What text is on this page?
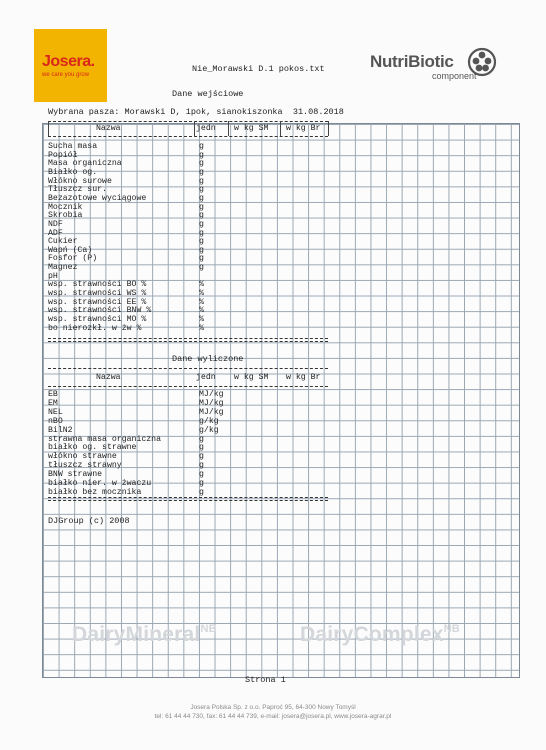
Josera.
we care you grow
NutriBiotic
component
Nie_Morawski D.1 pokos.txt
Dane wejściowe
Wybrana pasza: Morawski D, 1pok, sianokiszonka  31.08.2018
Nazwa	jedn w kg SM w kg Br
Sucha masa	g
Popiół	g
Masa organiczna	g
Białko og.	g
Włókno surowe	g
Tłuszcz sur.	g
Bezazotowe wyciągowe	g
Mocznik	g
Skrobia	g
NDF	g
ADF	g
Cukier	g
Wapń (Ca)	g
Fosfor (P)	g
Magnez	g
pH
wsp. strawności BO %	%
wsp. strawności WS %	%
wsp. strawności EE %	%
wsp. strawności BNW %	%
wsp. strawności MO %	%
bo nierozkł. w żw %	%
Dane wyliczone
Nazwa	jedn w kg SM w kg Br
EB	MJ/kg
EM	MJ/kg
NEL	MJ/kg
nBO	g/kg
BilN2	g/kg
strawna masa organiczna	g
białko og. strawne	g
włókno strawne	g
tłuszcz strawny	g
BNW strawne	g
białko nier. w żwaczu	g
białko bez mocznika	g
DJGroup (c) 2008
DairyMineral$^{NB}$	DairyComplex$^{NB}$
Strona 1
Josera Polska Sp. z o.o. Paproć 95, 64-300 Nowy Tomyśl
tel: 61 44 44 730, fax: 61 44 44 739, e-mail: josera@josera.pl, www.josera-agrar.pl
